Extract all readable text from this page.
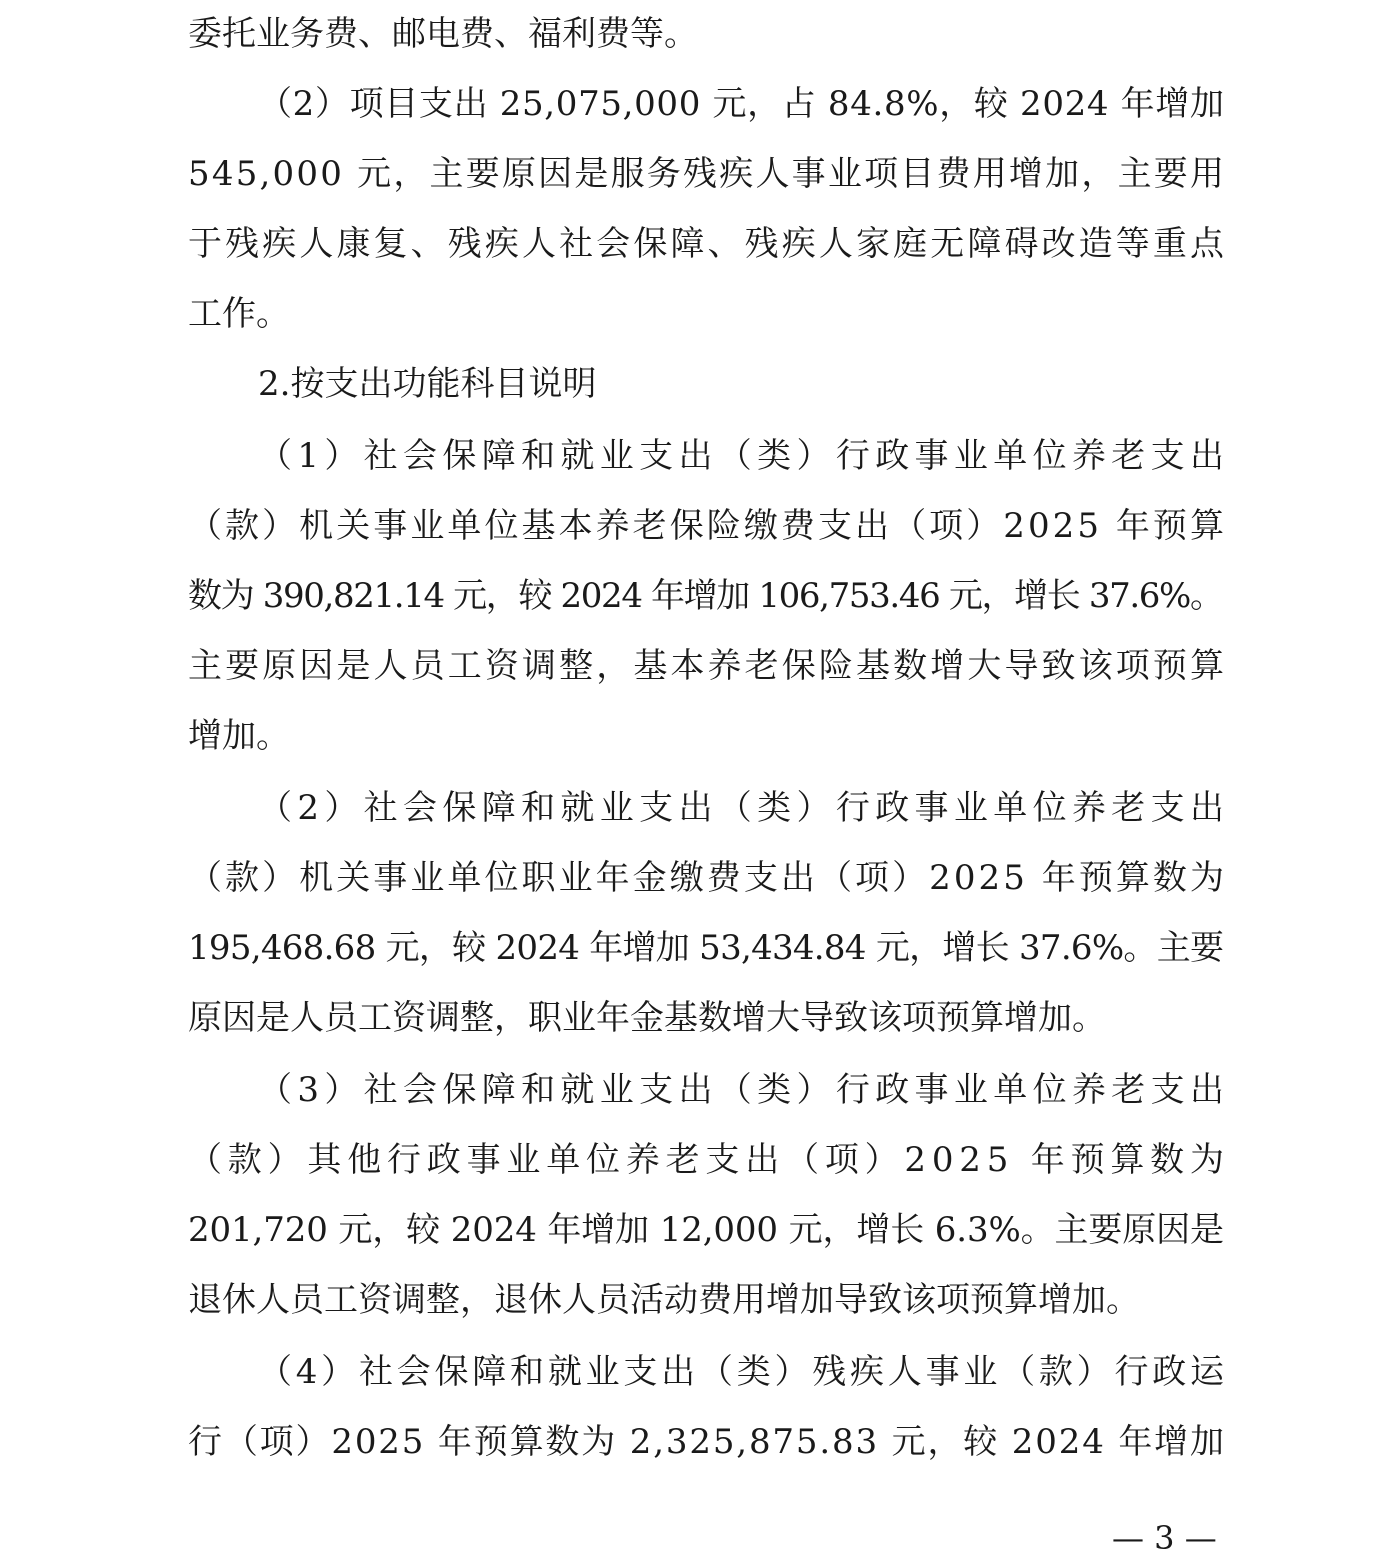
委托业务费、邮电费、福利费等。
（2）项目支出 25,075,000 元，占 84.8%，较 2024 年增加
545,000 元，主要原因是服务残疾人事业项目费用增加，主要用
于残疾人康复、残疾人社会保障、残疾人家庭无障碍改造等重点
工作。
2.按支出功能科目说明
（1）社会保障和就业支出（类）行政事业单位养老支出
（款）机关事业单位基本养老保险缴费支出（项）2025 年预算
数为 390,821.14 元，较 2024 年增加 106,753.46 元，增长 37.6%。
主要原因是人员工资调整，基本养老保险基数增大导致该项预算
增加。
（2）社会保障和就业支出（类）行政事业单位养老支出
（款）机关事业单位职业年金缴费支出（项）2025 年预算数为
195,468.68 元，较 2024 年增加 53,434.84 元，增长 37.6%。主要
原因是人员工资调整，职业年金基数增大导致该项预算增加。
（3）社会保障和就业支出（类）行政事业单位养老支出
（款）其他行政事业单位养老支出（项）2025 年预算数为
201,720 元，较 2024 年增加 12,000 元，增长 6.3%。主要原因是
退休人员工资调整，退休人员活动费用增加导致该项预算增加。
（4）社会保障和就业支出（类）残疾人事业（款）行政运
行（项）2025 年预算数为 2,325,875.83 元，较 2024 年增加
— 3 —
